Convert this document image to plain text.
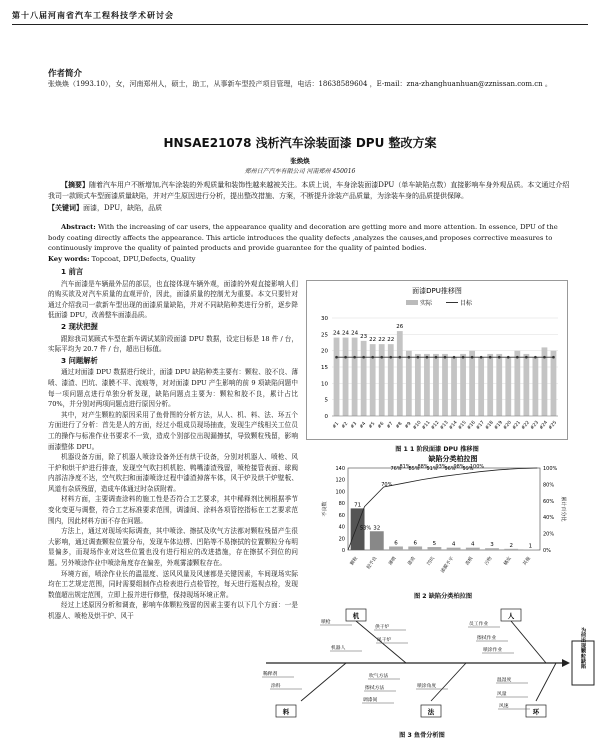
第十八届河南省汽车工程科技学术研讨会
作者简介
张焕焕（1993.10），女，河南郑州人，硕士，助工，从事新车型投产项目管理，电话：18638589604 ，E-mail：zna-zhanghuanhuan@zznissan.com.cn 。
HNSAE21078 浅析汽车涂装面漆 DPU 整改方案
张焕焕
郑州日产汽车有限公司 河南郑州 450016
【摘要】随着汽车用户不断增加,汽车涂装的外观质量和装饰性越来越被关注。本质上说，车身涂装面漆DPU（单车缺陷点数）直接影响车身外观品质。本文通过介绍我司一款顾式车型面漆质量缺陷，并对产生原因进行分析，提出整改措施、方案，不断提升涂装产品质量，为涂装车身的品质提供保障。
【关键词】面漆，DPU，缺陷，品质
Abstract: With the increasing of car users, the appearance quality and decoration are getting more and more attention. In essence, DPU of the body coating directly affects the appearance. This article introduces the quality defects ,analyzes the causes,and proposes corrective measures to continuously improve the quality of painted products and provide guarantee for the quality of painted bodies.
Key words: Topcoat, DPU,Defects, Quality
1 前言

汽车面漆是车辆最外层的部层，也直接体现车辆外观，面漆的外观直接影响人们的购买欲及对汽车质量的直观评价，因此，面漆质量的控制尤为重要。本文只要针对通过介绍我司一款新车型出现的面漆质量缺陷，并对不同缺陷种类进行分析，逐步降低面漆 DPU，改善整车面漆品质。

2 现状把握

跟踪我司某顾式车型在新车调试某阶段面漆 DPU 数据，设定目标是 18 件 / 台，实际平均为 20.7 件 / 台，超出目标值。

3 问题解析

通过对面漆 DPU 数据进行统计，面漆 DPU 缺陷种类主要有：颗粒、胶不良、薄喷、漆渣、凹坑、漆膜不平、流痕等，对对面漆 DPU 产生影响的前 9 项缺陷问题中每一项问题点进行单独分析发现，缺陷问题点主要为：颗粒和胶不良，累计占比 70%，并分别对两项问题点进行原因分析。

其中，对产生颗粒的原因采用了鱼骨图的分析方法，从人、机、料、法、环五个方面进行了分析：首先是人的方面，经过小组成员现场抽查，发现生产线相关工位员工的操作与标准作业书要求不一致，造成个别部位出现漏擦拭，导致颗粒残留，影响面漆整体 DPU。

机器设备方面，除了机器人喷涂设备外还有烘干设备，分别对机器人、喷枪、风干炉和烘干炉进行排查，发现空气吹扫机机腔、鸭嘴漆渣残留，喷枪接管表面、球阀内部洁净度不达，空气吹扫和面漆喷涂过程中漆渣掉落车体，风干炉及烘干炉壁板、风道有杂质残留，造成车体通过时杂质附着。

材料方面，主要调查涂料的施工性是否符合工艺要求，其中稀释剂比例根据季节变化变更与调整，符合工艺标准要求范围，调漆间、涂料各项管控指标在工艺要求范围内，因此材料方面不存在问题。

方法上，通过对现场实际调查，其中喷涂、擦拭及吹气方法都对颗粒残留产生很大影响，通过调查颗粒位置分布，发现车体边楞、凹陷等不易擦拭的位置颗粒分布明显偏多，而现场作业对这些位置也没有进行相应的改进措施，存在擦拭不到位的问题。另外喷涂作业中喷涂角度存在偏差，外观雾漆颗粒存在。

环境方面，喷涂作业长的温湿度、送风风量及风速都是关键因素，车间现场实际均在工艺规定范围，同时需要组制作点检表进行点检管控，每天进行巡视点检，发现数值超出规定范围，立即上报并进行修整，保持现场环境正常。

经过上述原因分析和调查，影响车体颗粒残留的因素主要有以下几个方面：一是机器人、喷枪及烘干炉、风干

面漆DPU推移图
实际	目标
0
5
10
15
20
25
30
24 24 24
23
22 22 22
26
#1 #2 #3 #4 #5 #6 #7 #8 #9 #10
#11
#12
#13
#14
#15
#16
#17
#18
#19
#20
#21
#22
#23
#24
#25
图 1 1 阶段面漆 DPU 推移图
缺陷分类柏拉图
0
20
40
60
80
100
120
140
0%
20%
40%
60%
80%
100%
不良数	累计百分比
71
颗粒
32
胶不良
6
薄喷
6
漆渣
5
凹坑
4
漆膜不平
4
流痕
3
污物
2
橘皮
1
其他
53%
70%
76%
81%
85%
88%
91%
93%
96%
98%
99%
100%
图 2 缺陷分类柏拉图
为何出现颗粒缺陷
机	人
料	法	环
喷枪
供干炉
风干炉
机器人
员工作业
擦拭作业
喷涂作业
温湿度
风量
风速
稀释剂
涂料
吹气方法
擦拭方法
调漆间
喷涂角度
图 3 鱼骨分析图
